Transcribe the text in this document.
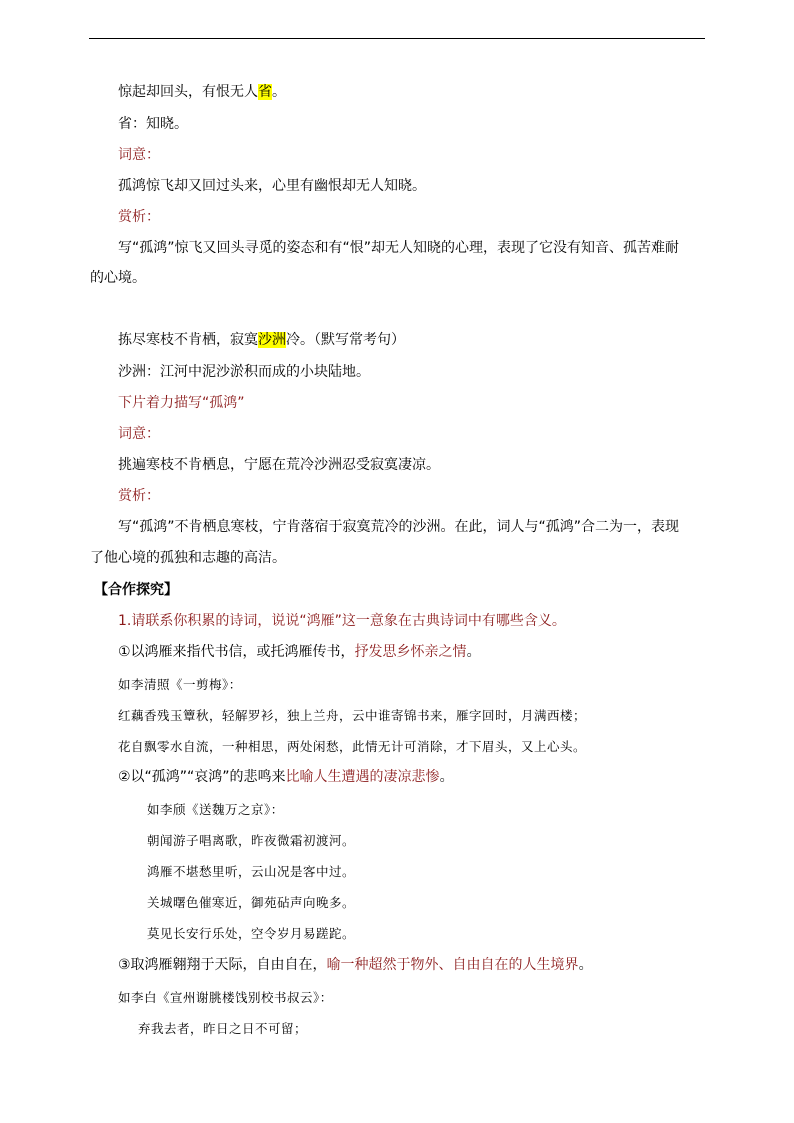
惊起却回头，有恨无人省。
省：知晓。
词意：
孤鸿惊飞却又回过头来，心里有幽恨却无人知晓。
赏析：
写“孤鸿”惊飞又回头寻觅的姿态和有“恨”却无人知晓的心理，表现了它没有知音、孤苦难耐
的心境。
拣尽寒枝不肯栖，寂寞沙洲冷。（默写常考句）
沙洲：江河中泥沙淤积而成的小块陆地。
下片着力描写“孤鸿”
词意：
挑遍寒枝不肯栖息，宁愿在荒冷沙洲忍受寂寞凄凉。
赏析：
写“孤鸿”不肯栖息寒枝，宁肯落宿于寂寞荒冷的沙洲。在此，词人与“孤鸿”合二为一，表现
了他心境的孤独和志趣的高洁。
【合作探究】
1.请联系你积累的诗词，说说“鸿雁”这一意象在古典诗词中有哪些含义。
①以鸿雁来指代书信，或托鸿雁传书，抒发思乡怀亲之情。
如李清照《一剪梅》：
红藕香残玉簟秋，轻解罗衫，独上兰舟，云中谁寄锦书来，雁字回时，月满西楼；
花自飘零水自流，一种相思，两处闲愁，此情无计可消除，才下眉头，又上心头。
②以“孤鸿”“哀鸿”的悲鸣来比喻人生遭遇的凄凉悲惨。
如李颀《送魏万之京》：
朝闻游子唱离歌，昨夜微霜初渡河。
鸿雁不堪愁里听，云山况是客中过。
关城曙色催寒近，御苑砧声向晚多。
莫见长安行乐处，空令岁月易蹉跎。
③取鸿雁翱翔于天际，自由自在，喻一种超然于物外、自由自在的人生境界。
如李白《宣州谢朓楼饯别校书叔云》：
弃我去者，昨日之日不可留；
